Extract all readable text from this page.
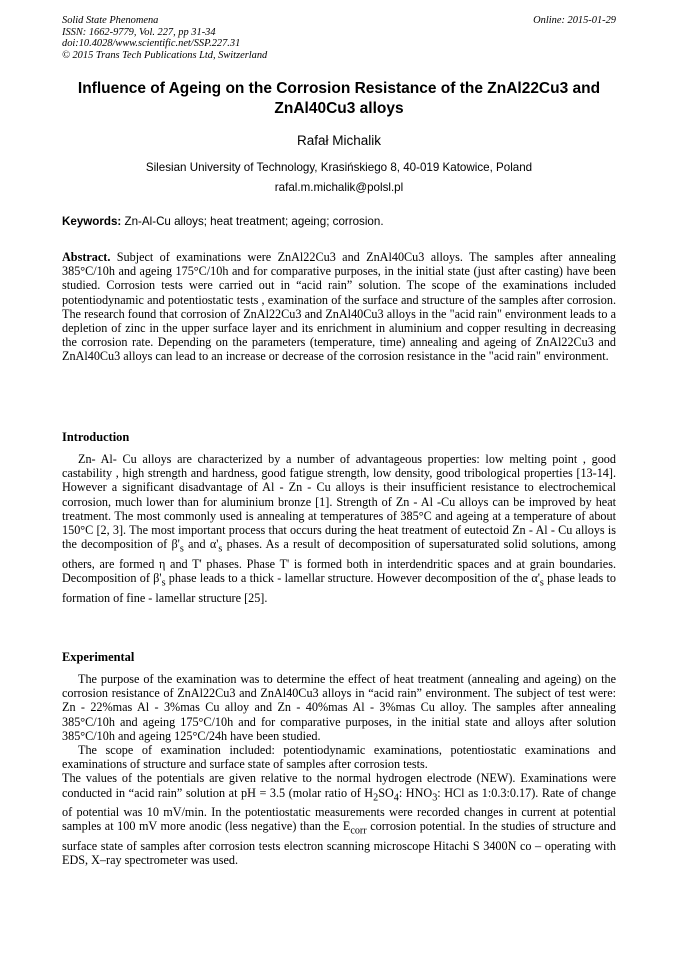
Solid State Phenomena
ISSN: 1662-9779, Vol. 227, pp 31-34
doi:10.4028/www.scientific.net/SSP.227.31
© 2015 Trans Tech Publications Ltd, Switzerland
Online: 2015-01-29
Influence of Ageing on the Corrosion Resistance of the ZnAl22Cu3 and ZnAl40Cu3 alloys
Rafał Michalik
Silesian University of Technology, Krasińskiego 8, 40-019 Katowice, Poland
rafal.m.michalik@polsl.pl
Keywords: Zn-Al-Cu alloys; heat treatment; ageing; corrosion.

Abstract. Subject of examinations were ZnAl22Cu3 and ZnAl40Cu3 alloys. The samples after annealing 385°C/10h and ageing 175°C/10h and for comparative purposes, in the initial state (just after casting) have been studied. Corrosion tests were carried out in “acid rain” solution. The scope of the examinations included potentiodynamic and potentiostatic tests , examination of the surface and structure of the samples after corrosion. The research found that corrosion of ZnAl22Cu3 and ZnAl40Cu3 alloys in the "acid rain" environment leads to a depletion of zinc in the upper surface layer and its enrichment in aluminium and copper resulting in decreasing the corrosion rate. Depending on the parameters (temperature, time) annealing and ageing of ZnAl22Cu3 and ZnAl40Cu3 alloys can lead to an increase or decrease of the corrosion resistance in the "acid rain" environment.

Introduction

Zn- Al- Cu alloys are characterized by a number of advantageous properties: low melting point , good castability , high strength and hardness, good fatigue strength, low density, good tribological properties [13-14]. However a significant disadvantage of Al - Zn - Cu alloys is their insufficient resistance to electrochemical corrosion, much lower than for aluminium bronze [1]. Strength of Zn - Al -Cu alloys can be improved by heat treatment. The most commonly used is annealing at temperatures of 385°C and ageing at a temperature of about 150°C [2, 3]. The most important process that occurs during the heat treatment of eutectoid Zn - Al - Cu alloys is the decomposition of $\beta'_s$ and $\alpha'_s$ phases. As a result of decomposition of supersaturated solid solutions, among others, are formed η and T' phases. Phase T' is formed both in interdendritic spaces and at grain boundaries. Decomposition of $\beta'_s$ phase leads to a thick - lamellar structure. However decomposition of the $\alpha'_s$ phase leads to formation of fine - lamellar structure [25].

Experimental

The purpose of the examination was to determine the effect of heat treatment (annealing and ageing) on the corrosion resistance of ZnAl22Cu3 and ZnAl40Cu3 alloys in “acid rain” environment. The subject of test were: Zn - 22%mas Al - 3%mas Cu alloy and Zn - 40%mas Al - 3%mas Cu alloy. The samples after annealing 385°C/10h and ageing 175°C/10h and for comparative purposes, in the initial state and alloys after solution 385°C/10h and ageing 125°C/24h have been studied.

The scope of examination included: potentiodynamic examinations, potentiostatic examinations and examinations of structure and surface state of samples after corrosion tests.

The values of the potentials are given relative to the normal hydrogen electrode (NEW). Examinations were conducted in “acid rain” solution at pH = 3.5 (molar ratio of $H_2SO_4$: $HNO_3$: HCl as 1:0.3:0.17). Rate of change of potential was 10 mV/min. In the potentiostatic measurements were recorded changes in current at potential samples at 100 mV more anodic (less negative) than the $E_{corr}$ corrosion potential. In the studies of structure and surface state of samples after corrosion tests electron scanning microscope Hitachi S 3400N co – operating with EDS, X–ray spectrometer was used.
